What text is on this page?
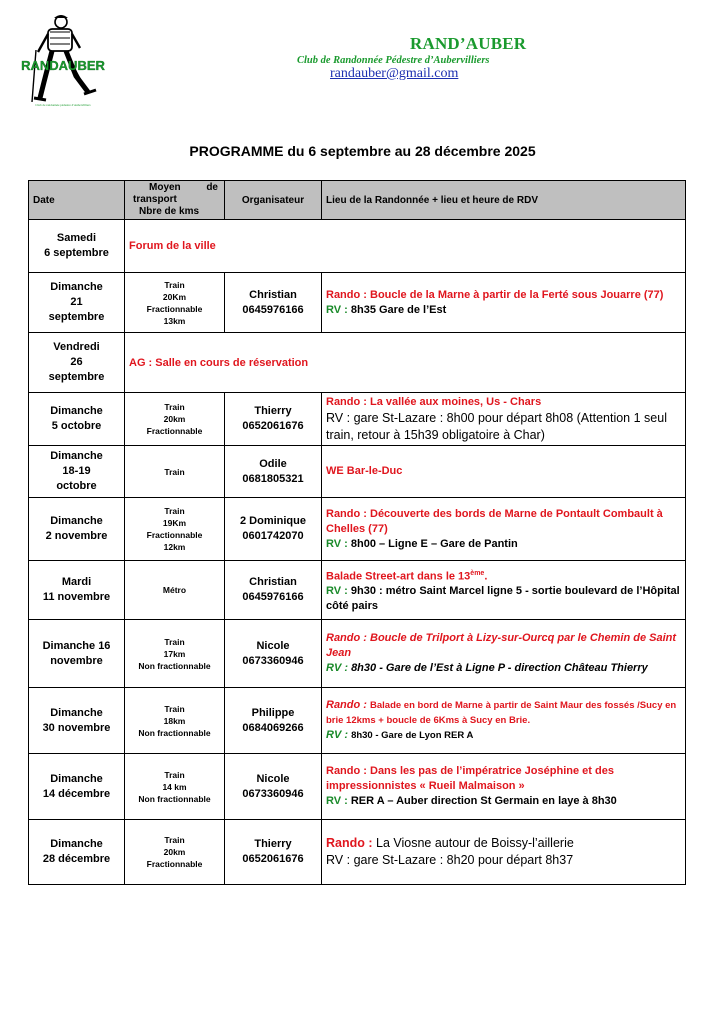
RANDAUBER
Club de randonnée pédestre d'Aubervilliers
RAND’AUBER
Club de Randonnée Pédestre d’Aubervilliers
randauber@gmail.com
PROGRAMME du 6 septembre au 28 décembre 2025
Date	Moyen de
transport
Nbre de kms	Organisateur	Lieu de la Randonnée + lieu et heure de RDV

Samedi
6 septembre	Forum de la ville		

Dimanche
21
septembre	Train
20Km
Fractionnable
13km	Christian
0645976166	Rando : Boucle de la Marne à partir de la Ferté sous Jouarre (77)
RV : 8h35 Gare de l’Est

Vendredi
26
septembre	AG : Salle en cours de réservation		

Dimanche
5 octobre	Train
20km
Fractionnable	Thierry
0652061676	Rando : La vallée aux moines, Us - Chars
RV : gare St-Lazare : 8h00 pour départ 8h08 (Attention 1 seul train, retour à 15h39 obligatoire à Char)

Dimanche
18-19
octobre	Train	Odile
0681805321	WE Bar-le-Duc

Dimanche
2 novembre	Train
19Km
Fractionnable
12km	2 Dominique
0601742070	Rando : Découverte des bords de Marne de Pontault Combault à Chelles (77)
RV : 8h00 – Ligne E – Gare de Pantin

Mardi
11 novembre	Métro	Christian
0645976166	Balade Street-art dans le 13ème.
RV : 9h30 : métro Saint Marcel ligne 5 - sortie boulevard de l’Hôpital côté pairs

Dimanche 16
novembre	Train
17km
Non fractionnable	Nicole
0673360946	Rando : Boucle de Trilport à Lizy-sur-Ourcq par le Chemin de Saint Jean
RV : 8h30 - Gare de l’Est à Ligne P - direction Château Thierry

Dimanche
30 novembre	Train
18km
Non fractionnable	Philippe
0684069266	Rando : Balade en bord de Marne à partir de Saint Maur des fossés /Sucy en brie 12kms + boucle de 6Kms à Sucy en Brie.
RV : 8h30 - Gare de Lyon RER A

Dimanche
14 décembre	Train
14 km
Non fractionnable	Nicole
0673360946	Rando : Dans les pas de l’impératrice Joséphine et des impressionnistes « Rueil Malmaison »
RV : RER A – Auber direction St Germain en laye à 8h30

Dimanche
28 décembre	Train
20km
Fractionnable	Thierry
0652061676	Rando : La Viosne autour de Boissy-l’aillerie
RV : gare St-Lazare : 8h20 pour départ 8h37
